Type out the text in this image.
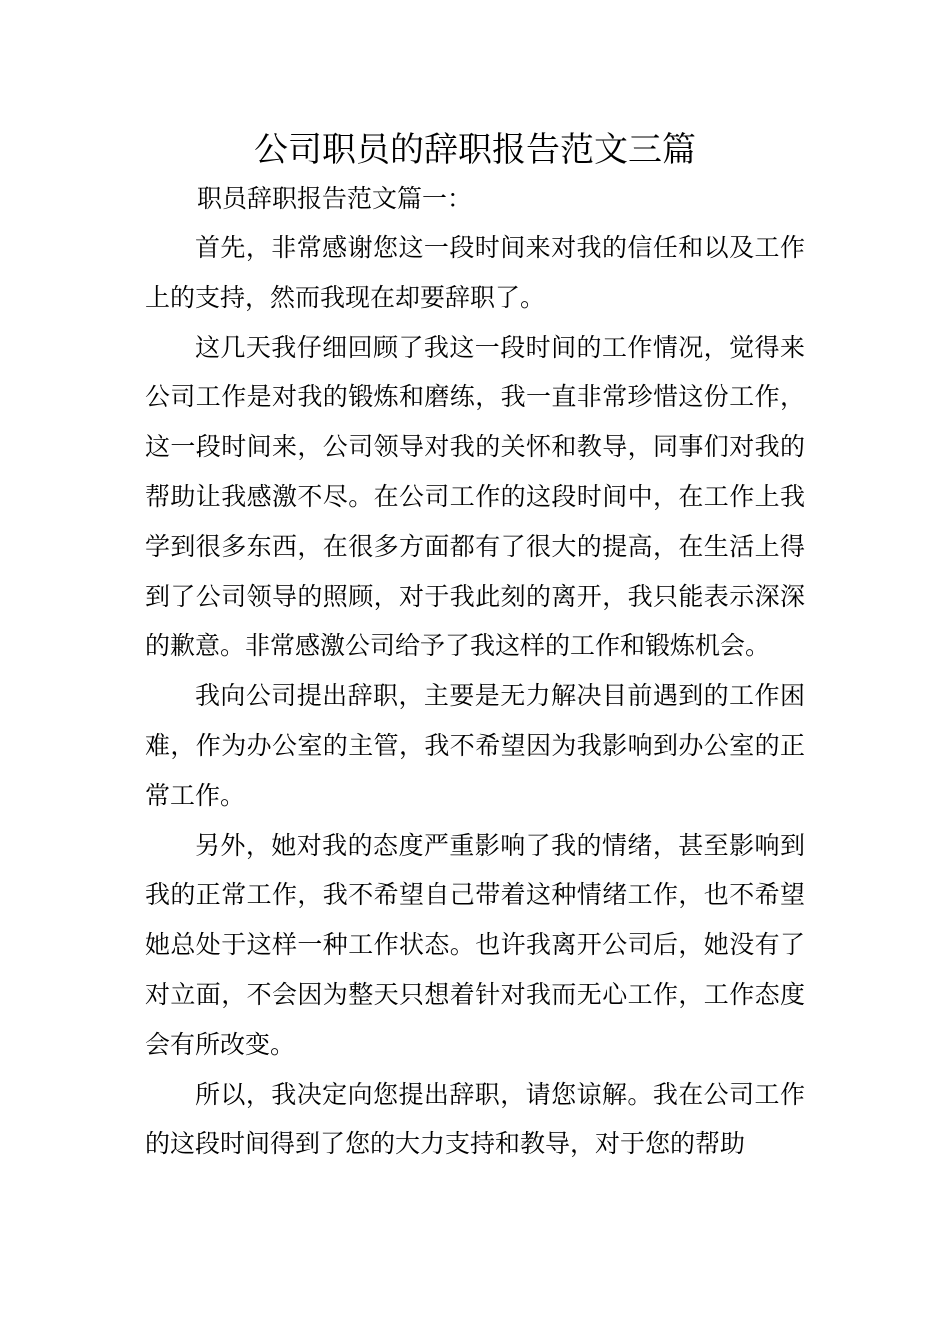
公司职员的辞职报告范文三篇

职员辞职报告范文篇一：

首先，非常感谢您这一段时间来对我的信任和以及工作上的支持，然而我现在却要辞职了。

这几天我仔细回顾了我这一段时间的工作情况，觉得来公司工作是对我的锻炼和磨练，我一直非常珍惜这份工作，这一段时间来，公司领导对我的关怀和教导，同事们对我的帮助让我感激不尽。在公司工作的这段时间中，在工作上我学到很多东西，在很多方面都有了很大的提高，在生活上得到了公司领导的照顾，对于我此刻的离开，我只能表示深深的歉意。非常感激公司给予了我这样的工作和锻炼机会。

我向公司提出辞职，主要是无力解决目前遇到的工作困难，作为办公室的主管，我不希望因为我影响到办公室的正常工作。

另外，她对我的态度严重影响了我的情绪，甚至影响到我的正常工作，我不希望自己带着这种情绪工作，也不希望她总处于这样一种工作状态。也许我离开公司后，她没有了对立面，不会因为整天只想着针对我而无心工作，工作态度会有所改变。

所以，我决定向您提出辞职，请您谅解。我在公司工作的这段时间得到了您的大力支持和教导，对于您的帮助
